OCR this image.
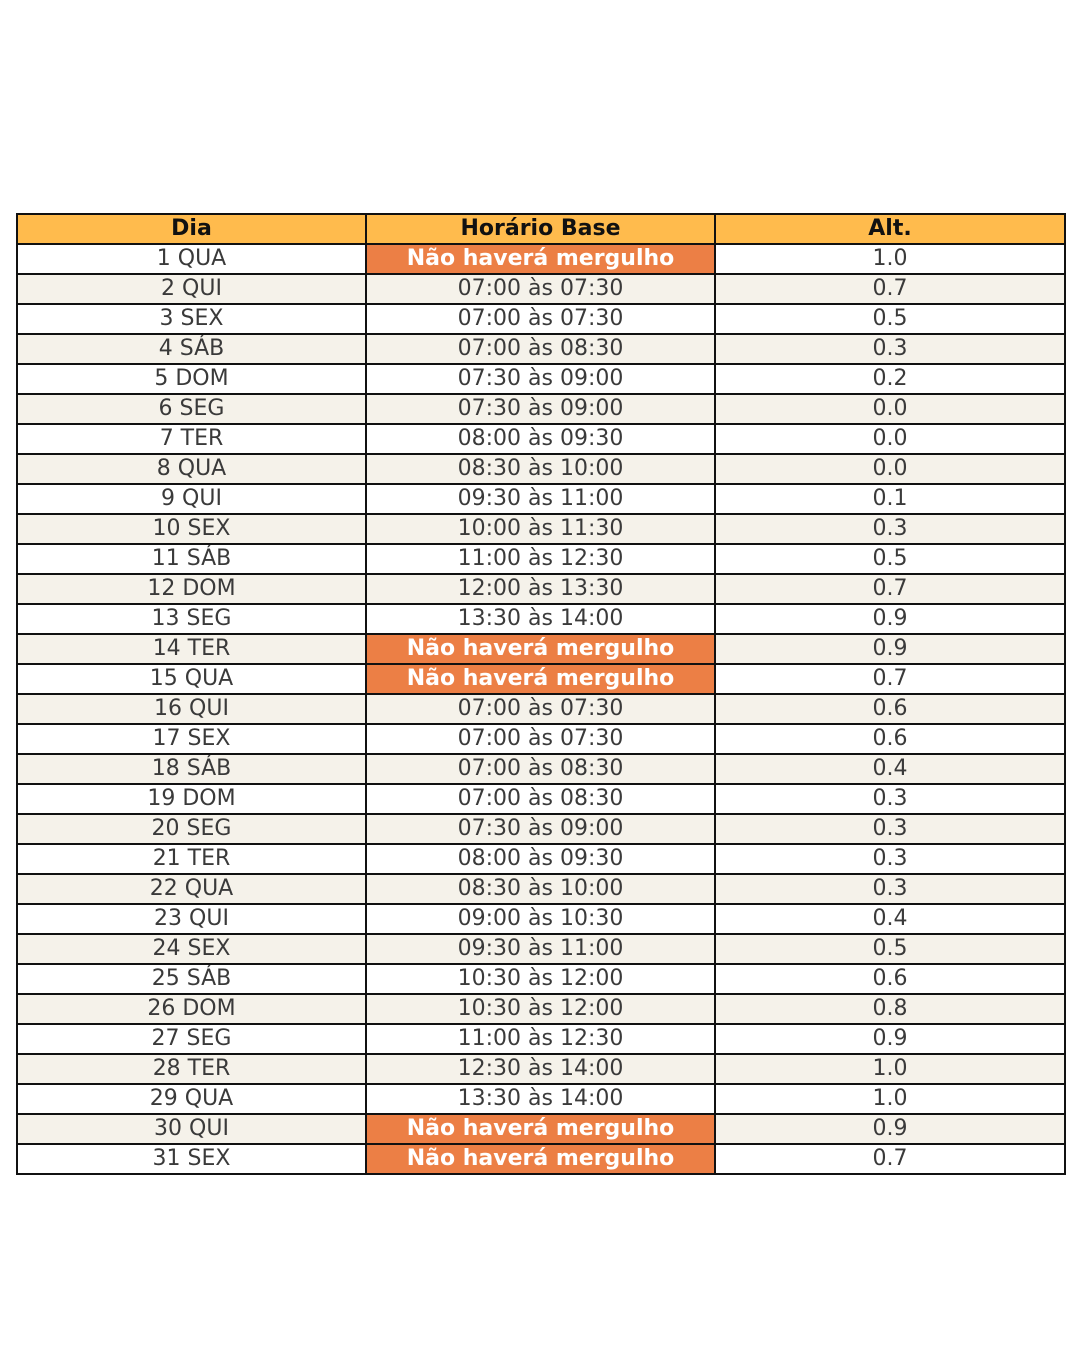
Dia	Horário Base	Alt.
1 QUA	Não haverá mergulho	1.0
2 QUI	07:00 às 07:30	0.7
3 SEX	07:00 às 07:30	0.5
4 SÁB	07:00 às 08:30	0.3
5 DOM	07:30 às 09:00	0.2
6 SEG	07:30 às 09:00	0.0
7 TER	08:00 às 09:30	0.0
8 QUA	08:30 às 10:00	0.0
9 QUI	09:30 às 11:00	0.1
10 SEX	10:00 às 11:30	0.3
11 SÁB	11:00 às 12:30	0.5
12 DOM	12:00 às 13:30	0.7
13 SEG	13:30 às 14:00	0.9
14 TER	Não haverá mergulho	0.9
15 QUA	Não haverá mergulho	0.7
16 QUI	07:00 às 07:30	0.6
17 SEX	07:00 às 07:30	0.6
18 SÁB	07:00 às 08:30	0.4
19 DOM	07:00 às 08:30	0.3
20 SEG	07:30 às 09:00	0.3
21 TER	08:00 às 09:30	0.3
22 QUA	08:30 às 10:00	0.3
23 QUI	09:00 às 10:30	0.4
24 SEX	09:30 às 11:00	0.5
25 SÁB	10:30 às 12:00	0.6
26 DOM	10:30 às 12:00	0.8
27 SEG	11:00 às 12:30	0.9
28 TER	12:30 às 14:00	1.0
29 QUA	13:30 às 14:00	1.0
30 QUI	Não haverá mergulho	0.9
31 SEX	Não haverá mergulho	0.7
